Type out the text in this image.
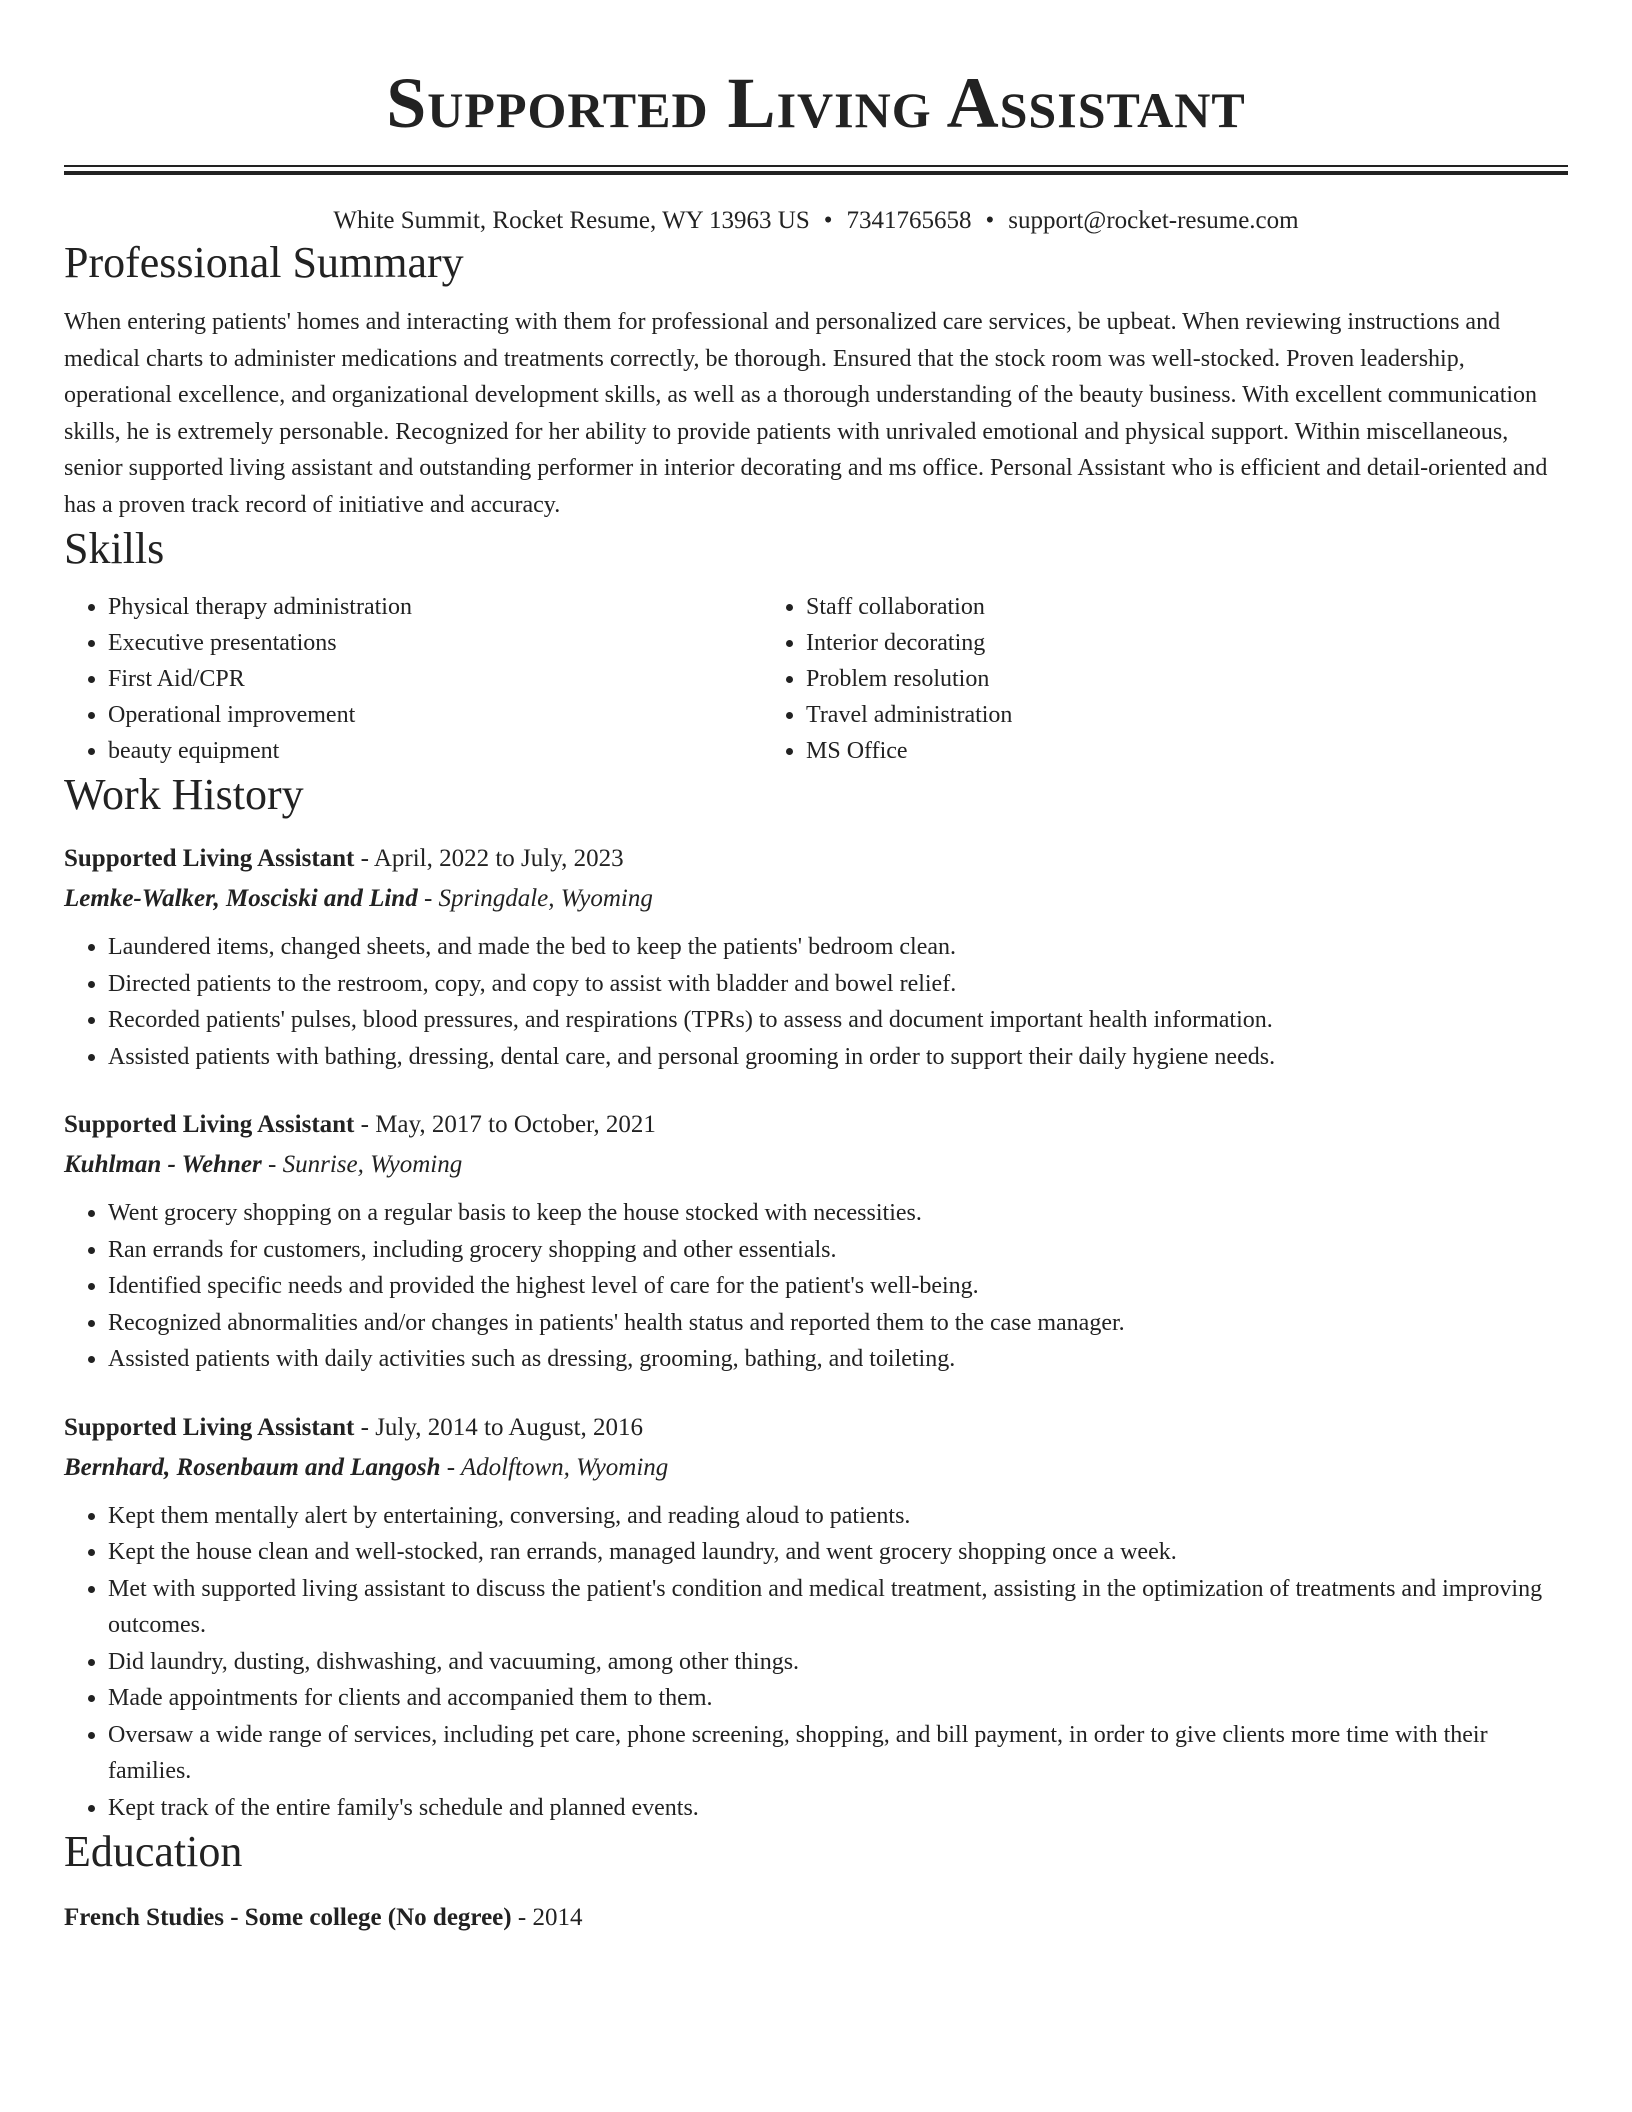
Supported Living Assistant
White Summit, Rocket Resume, WY 13963 US • 7341765658 • support@rocket-resume.com
Professional Summary
When entering patients' homes and interacting with them for professional and personalized care services, be upbeat. When reviewing instructions and medical charts to administer medications and treatments correctly, be thorough. Ensured that the stock room was well-stocked. Proven leadership, operational excellence, and organizational development skills, as well as a thorough understanding of the beauty business. With excellent communication skills, he is extremely personable. Recognized for her ability to provide patients with unrivaled emotional and physical support. Within miscellaneous, senior supported living assistant and outstanding performer in interior decorating and ms office. Personal Assistant who is efficient and detail-oriented and has a proven track record of initiative and accuracy.
Skills
• Physical therapy administration
• Executive presentations
• First Aid/CPR
• Operational improvement
• beauty equipment
• Staff collaboration
• Interior decorating
• Problem resolution
• Travel administration
• MS Office
Work History
Supported Living Assistant - April, 2022 to July, 2023
Lemke-Walker, Mosciski and Lind - Springdale, Wyoming
• Laundered items, changed sheets, and made the bed to keep the patients' bedroom clean.
• Directed patients to the restroom, copy, and copy to assist with bladder and bowel relief.
• Recorded patients' pulses, blood pressures, and respirations (TPRs) to assess and document important health information.
• Assisted patients with bathing, dressing, dental care, and personal grooming in order to support their daily hygiene needs.
Supported Living Assistant - May, 2017 to October, 2021
Kuhlman - Wehner - Sunrise, Wyoming
• Went grocery shopping on a regular basis to keep the house stocked with necessities.
• Ran errands for customers, including grocery shopping and other essentials.
• Identified specific needs and provided the highest level of care for the patient's well-being.
• Recognized abnormalities and/or changes in patients' health status and reported them to the case manager.
• Assisted patients with daily activities such as dressing, grooming, bathing, and toileting.
Supported Living Assistant - July, 2014 to August, 2016
Bernhard, Rosenbaum and Langosh - Adolftown, Wyoming
• Kept them mentally alert by entertaining, conversing, and reading aloud to patients.
• Kept the house clean and well-stocked, ran errands, managed laundry, and went grocery shopping once a week.
• Met with supported living assistant to discuss the patient's condition and medical treatment, assisting in the optimization of treatments and improving outcomes.
• Did laundry, dusting, dishwashing, and vacuuming, among other things.
• Made appointments for clients and accompanied them to them.
• Oversaw a wide range of services, including pet care, phone screening, shopping, and bill payment, in order to give clients more time with their families.
• Kept track of the entire family's schedule and planned events.
Education
French Studies - Some college (No degree) - 2014
